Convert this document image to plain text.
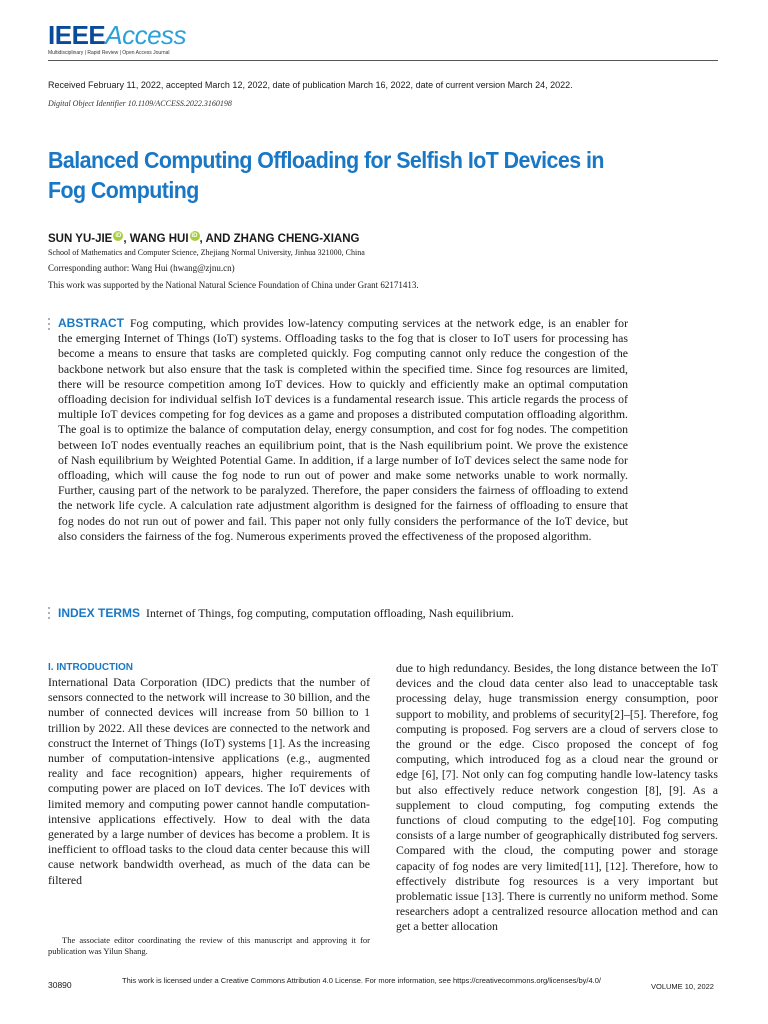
IEEEAccess
Multidisciplinary | Rapid Review | Open Access Journal
Received February 11, 2022, accepted March 12, 2022, date of publication March 16, 2022, date of current version March 24, 2022.
Digital Object Identifier 10.1109/ACCESS.2022.3160198
Balanced Computing Offloading for Selfish IoT Devices in Fog Computing
SUN YU-JIE iD , WANG HUI iD , AND ZHANG CHENG-XIANG
School of Mathematics and Computer Science, Zhejiang Normal University, Jinhua 321000, China
Corresponding author: Wang Hui (hwang@zjnu.cn)
This work was supported by the National Natural Science Foundation of China under Grant 62171413.
ABSTRACT Fog computing, which provides low-latency computing services at the network edge, is an enabler for the emerging Internet of Things (IoT) systems. Offloading tasks to the fog that is closer to IoT users for processing has become a means to ensure that tasks are completed quickly. Fog computing cannot only reduce the congestion of the backbone network but also ensure that the task is completed within the specified time. Since fog resources are limited, there will be resource competition among IoT devices. How to quickly and efficiently make an optimal computation offloading decision for individual selfish IoT devices is a fundamental research issue. This article regards the process of multiple IoT devices competing for fog devices as a game and proposes a distributed computation offloading algorithm. The goal is to optimize the balance of computation delay, energy consumption, and cost for fog nodes. The competition between IoT nodes eventually reaches an equilibrium point, that is the Nash equilibrium point. We prove the existence of Nash equilibrium by Weighted Potential Game. In addition, if a large number of IoT devices select the same node for offloading, which will cause the fog node to run out of power and make some networks unable to work normally. Further, causing part of the network to be paralyzed. Therefore, the paper considers the fairness of offloading to extend the network life cycle. A calculation rate adjustment algorithm is designed for the fairness of offloading to ensure that fog nodes do not run out of power and fail. This paper not only fully considers the performance of the IoT device, but also considers the fairness of the fog. Numerous experiments proved the effectiveness of the proposed algorithm.
INDEX TERMS Internet of Things, fog computing, computation offloading, Nash equilibrium.
I. INTRODUCTION
International Data Corporation (IDC) predicts that the number of sensors connected to the network will increase to 30 billion, and the number of connected devices will increase from 50 billion to 1 trillion by 2022. All these devices are connected to the network and construct the Internet of Things (IoT) systems [1]. As the increasing number of computation-intensive applications (e.g., augmented reality and face recognition) appears, higher requirements of computing power are placed on IoT devices. The IoT devices with limited memory and computing power cannot handle computation-intensive applications effectively. How to deal with the data generated by a large number of devices has become a problem. It is inefficient to offload tasks to the cloud data center because this will cause network bandwidth overhead, as much of the data can be filtered
due to high redundancy. Besides, the long distance between the IoT devices and the cloud data center also lead to unacceptable task processing delay, huge transmission energy consumption, poor support to mobility, and problems of security[2]–[5]. Therefore, fog computing is proposed. Fog servers are a cloud of servers close to the ground or the edge. Cisco proposed the concept of fog computing, which introduced fog as a cloud near the ground or edge [6], [7]. Not only can fog computing handle low-latency tasks but also effectively reduce network congestion [8], [9]. As a supplement to cloud computing, fog computing extends the functions of cloud computing to the edge[10]. Fog computing consists of a large number of geographically distributed fog servers. Compared with the cloud, the computing power and storage capacity of fog nodes are very limited[11], [12]. Therefore, how to effectively distribute fog resources is a very important but problematic issue [13]. There is currently no uniform method. Some researchers adopt a centralized resource allocation method and can get a better allocation
The associate editor coordinating the review of this manuscript and approving it for publication was Yilun Shang.
30890	This work is licensed under a Creative Commons Attribution 4.0 License. For more information, see https://creativecommons.org/licenses/by/4.0/
VOLUME 10, 2022
